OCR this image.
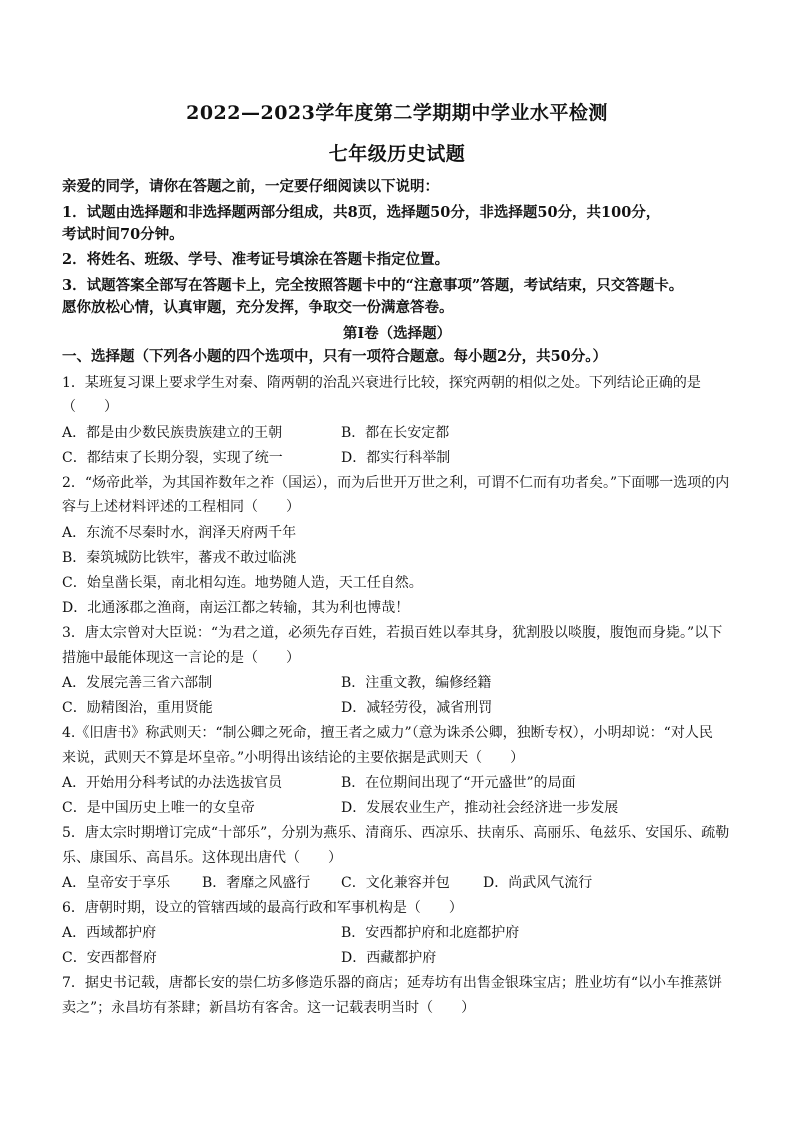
2022—2023学年度第二学期期中学业水平检测
七年级历史试题
亲爱的同学，请你在答题之前，一定要仔细阅读以下说明：
1．试题由选择题和非选择题两部分组成，共8页，选择题50分，非选择题50分，共100分，
考试时间70分钟。
2．将姓名、班级、学号、准考证号填涂在答题卡指定位置。
3．试题答案全部写在答题卡上，完全按照答题卡中的“注意事项”答题，考试结束，只交答题卡。
愿你放松心情，认真审题，充分发挥，争取交一份满意答卷。
第Ⅰ卷（选择题）
一、选择题（下列各小题的四个选项中，只有一项符合题意。每小题2分，共50分。）
1．某班复习课上要求学生对秦、隋两朝的治乱兴衰进行比较，探究两朝的相似之处。下列结论正确的是
（　　）
A．都是由少数民族贵族建立的王朝	B．都在长安定都
C．都结束了长期分裂，实现了统一	D．都实行科举制
2．“炀帝此举，为其国祚数年之祚（国运），而为后世开万世之利，可谓不仁而有功者矣。”下面哪一选项的内
容与上述材料评述的工程相同（　　）
A．东流不尽秦时水，润泽天府两千年
B．秦筑城防比铁牢，蕃戎不敢过临洮
C．始皇凿长渠，南北相勾连。地势随人造，天工任自然。
D．北通涿郡之渔商，南运江都之转输，其为利也博哉！
3．唐太宗曾对大臣说：“为君之道，必须先存百姓，若损百姓以奉其身，犹割股以啖腹，腹饱而身毙。”以下
措施中最能体现这一言论的是（　　）
A．发展完善三省六部制	B．注重文教，编修经籍
C．励精图治，重用贤能	D．减轻劳役，减省刑罚
4.《旧唐书》称武则天：“制公卿之死命，擅王者之威力”（意为诛杀公卿，独断专权），小明却说：“对人民
来说，武则天不算是坏皇帝。”小明得出该结论的主要依据是武则天（　　）
A．开始用分科考试的办法选拔官员	B．在位期间出现了“开元盛世”的局面
C．是中国历史上唯一的女皇帝	D．发展农业生产，推动社会经济进一步发展
5．唐太宗时期增订完成“十部乐”，分别为燕乐、清商乐、西凉乐、扶南乐、高丽乐、龟兹乐、安国乐、疏勒
乐、康国乐、高昌乐。这体现出唐代（　　）
A．皇帝安于享乐 B．奢靡之风盛行 C．文化兼容并包 D．尚武风气流行
6．唐朝时期，设立的管辖西域的最高行政和军事机构是（　　）
A．西域都护府	B．安西都护府和北庭都护府
C．安西都督府	D．西藏都护府
7．据史书记载，唐都长安的崇仁坊多修造乐器的商店；延寿坊有出售金银珠宝店；胜业坊有“以小车推蒸饼
卖之”；永昌坊有茶肆；新昌坊有客舍。这一记载表明当时（　　）
